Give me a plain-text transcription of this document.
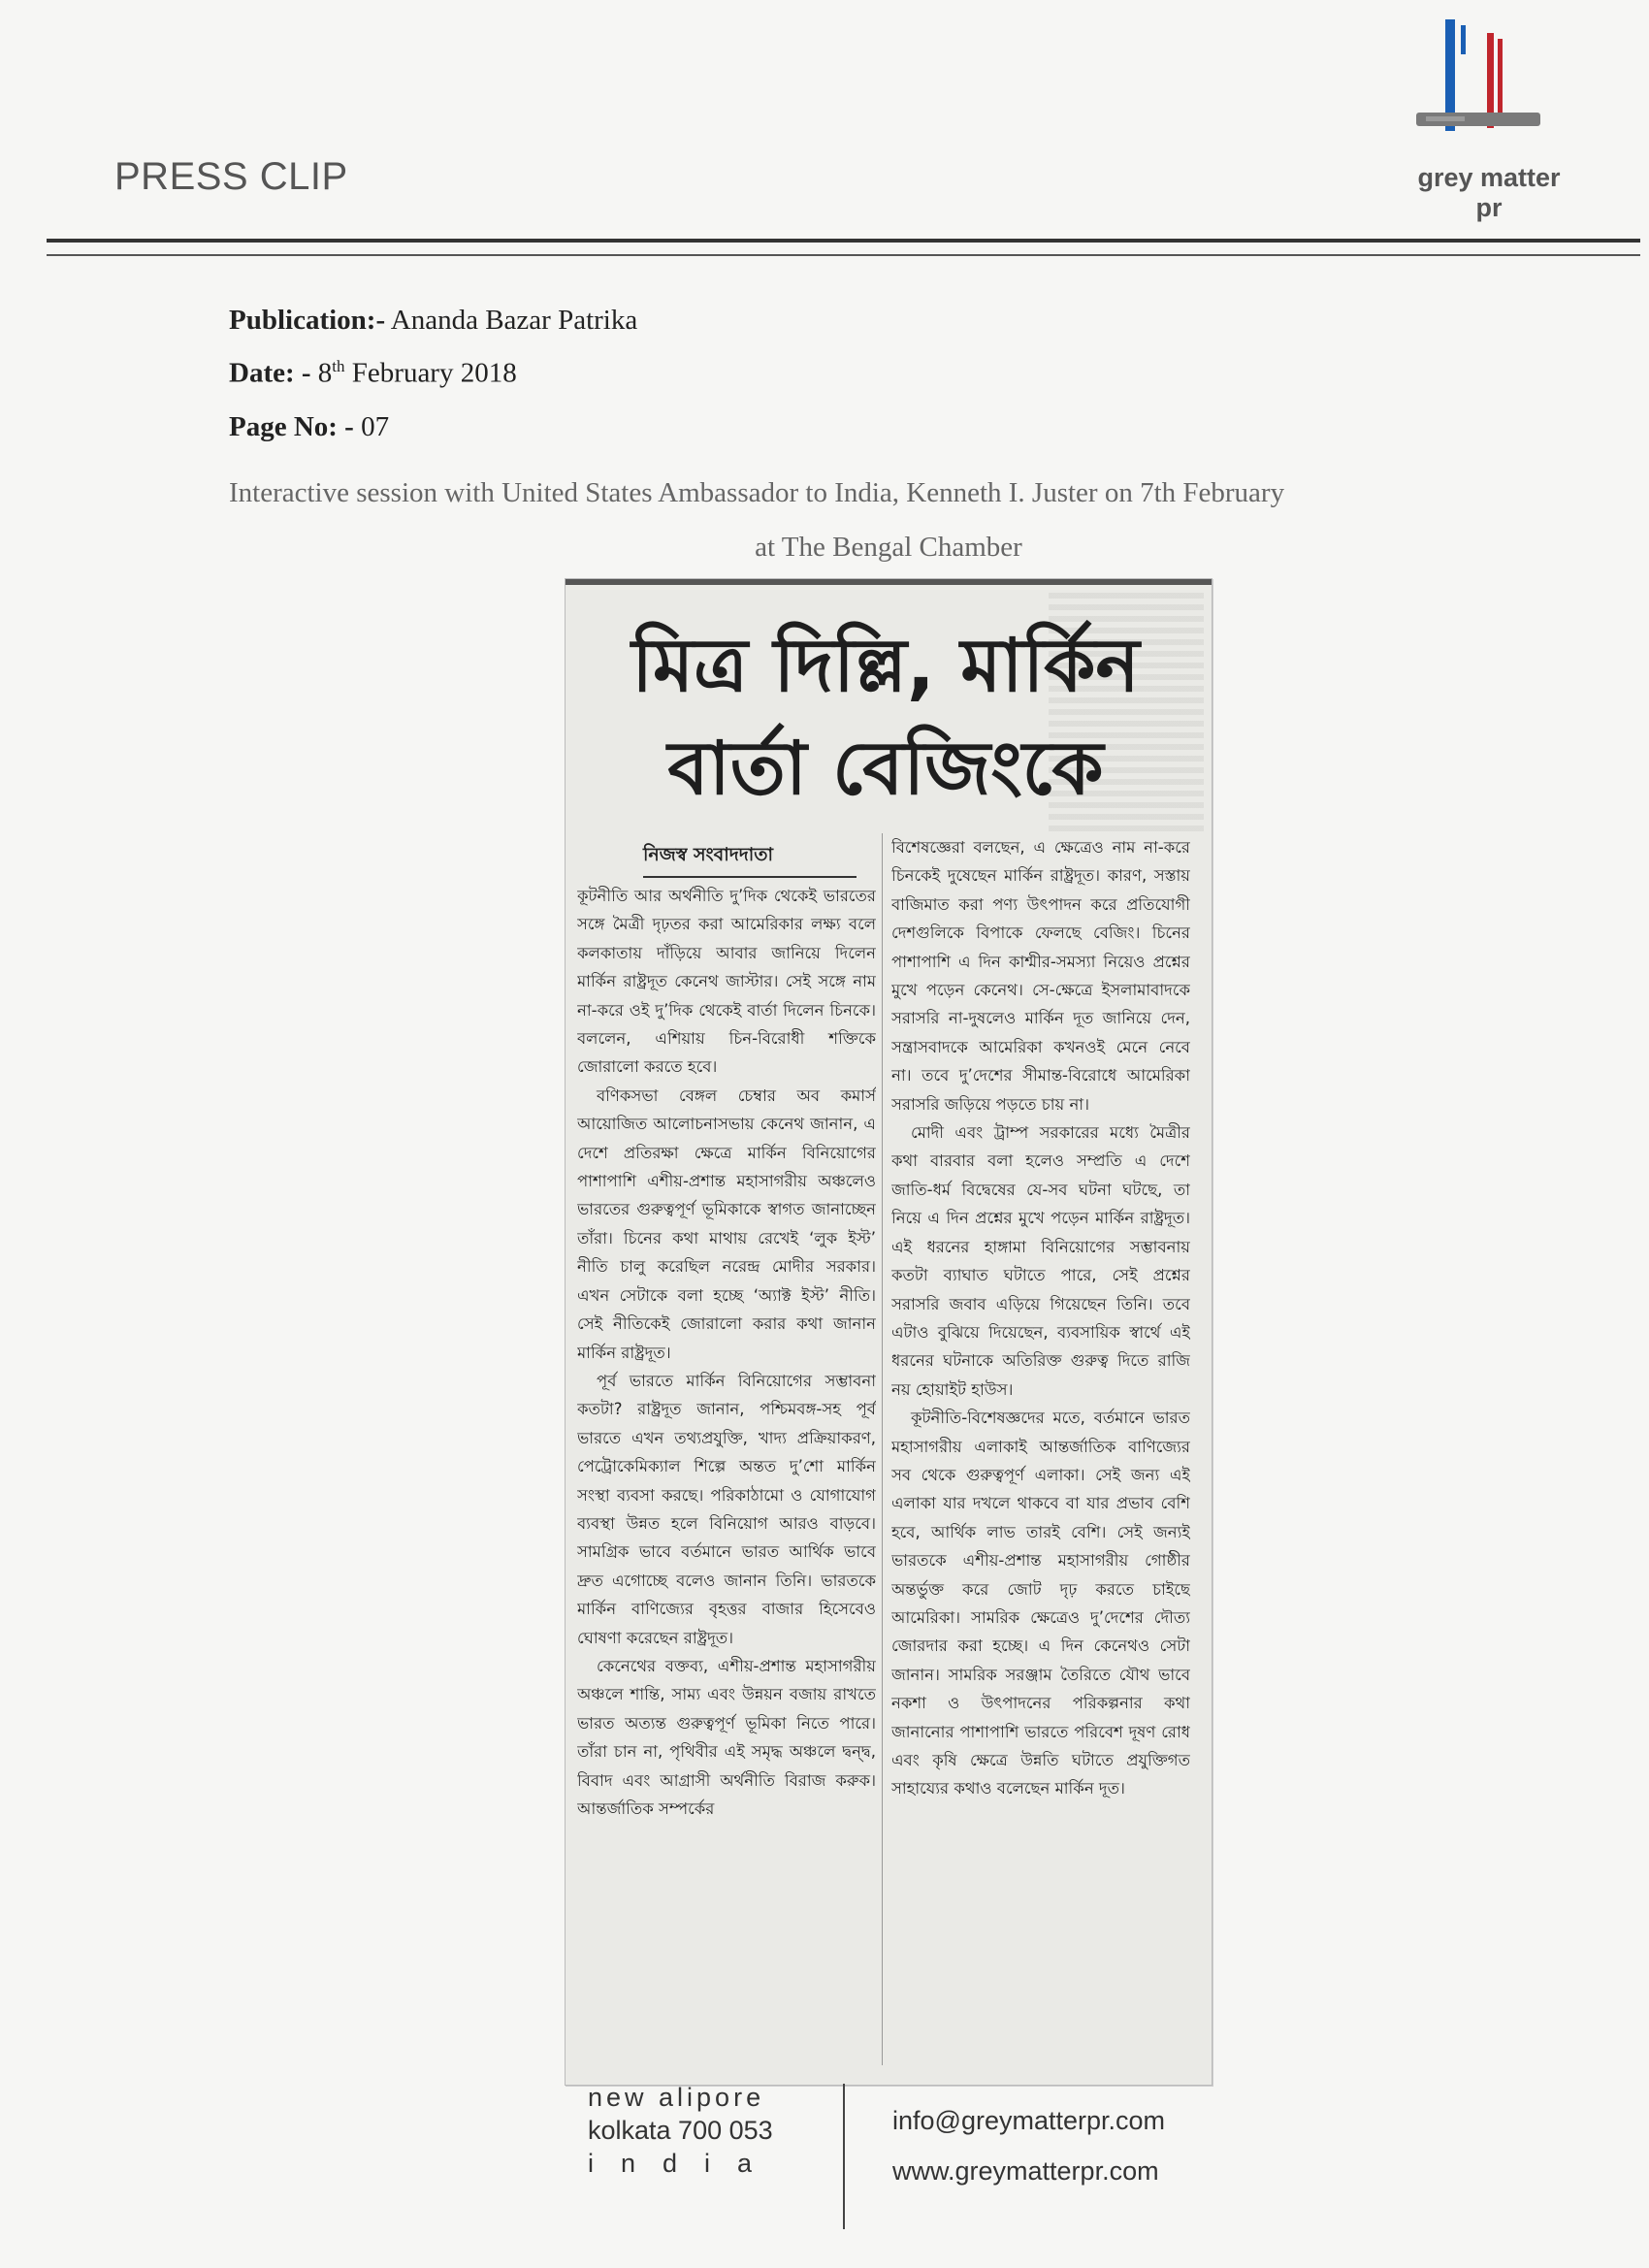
PRESS CLIP	grey matter pr
Publication:- Ananda Bazar Patrika
Date: - 8th February 2018
Page No: - 07
Interactive session with United States Ambassador to India, Kenneth I. Juster on 7th February
at The Bengal Chamber
মিত্র দিল্লি, মার্কিন
বার্তা বেজিংকে
নিজস্ব সংবাদদাতা

কূটনীতি আর অর্থনীতি দু’দিক থেকেই ভারতের সঙ্গে মৈত্রী দৃঢ়তর করা আমেরিকার লক্ষ্য বলে কলকাতায় দাঁড়িয়ে আবার জানিয়ে দিলেন মার্কিন রাষ্ট্রদূত কেনেথ জাস্টার। সেই সঙ্গে নাম না-করে ওই দু’দিক থেকেই বার্তা দিলেন চিনকে। বললেন, এশিয়ায় চিন-বিরোধী শক্তিকে জোরালো করতে হবে।

বণিকসভা বেঙ্গল চেম্বার অব কমার্স আয়োজিত আলোচনাসভায় কেনেথ জানান, এ দেশে প্রতিরক্ষা ক্ষেত্রে মার্কিন বিনিয়োগের পাশাপাশি এশীয়-প্রশান্ত মহাসাগরীয় অঞ্চলেও ভারতের গুরুত্বপূর্ণ ভূমিকাকে স্বাগত জানাচ্ছেন তাঁরা। চিনের কথা মাথায় রেখেই ‘লুক ইস্ট’ নীতি চালু করেছিল নরেন্দ্র মোদীর সরকার। এখন সেটাকে বলা হচ্ছে ‘অ্যাক্ট ইস্ট’ নীতি। সেই নীতিকেই জোরালো করার কথা জানান মার্কিন রাষ্ট্রদূত।

পূর্ব ভারতে মার্কিন বিনিয়োগের সম্ভাবনা কতটা? রাষ্ট্রদূত জানান, পশ্চিমবঙ্গ-সহ পূর্ব ভারতে এখন তথ্যপ্রযুক্তি, খাদ্য প্রক্রিয়াকরণ, পেট্রোকেমিক্যাল শিল্পে অন্তত দু’শো মার্কিন সংস্থা ব্যবসা করছে। পরিকাঠামো ও যোগাযোগ ব্যবস্থা উন্নত হলে বিনিয়োগ আরও বাড়বে। সামগ্রিক ভাবে বর্তমানে ভারত আর্থিক ভাবে দ্রুত এগোচ্ছে বলেও জানান তিনি। ভারতকে মার্কিন বাণিজ্যের বৃহত্তর বাজার হিসেবেও ঘোষণা করেছেন রাষ্ট্রদূত।

কেনেথের বক্তব্য, এশীয়-প্রশান্ত মহাসাগরীয় অঞ্চলে শান্তি, সাম্য এবং উন্নয়ন বজায় রাখতে ভারত অত্যন্ত গুরুত্বপূর্ণ ভূমিকা নিতে পারে। তাঁরা চান না, পৃথিবীর এই সমৃদ্ধ অঞ্চলে দ্বন্দ্ব, বিবাদ এবং আগ্রাসী অর্থনীতি বিরাজ করুক। আন্তর্জাতিক সম্পর্কের

বিশেষজ্ঞেরা বলছেন, এ ক্ষেত্রেও নাম না-করে চিনকেই দুষেছেন মার্কিন রাষ্ট্রদূত। কারণ, সস্তায় বাজিমাত করা পণ্য উৎপাদন করে প্রতিযোগী দেশগুলিকে বিপাকে ফেলছে বেজিং। চিনের পাশাপাশি এ দিন কাশ্মীর-সমস্যা নিয়েও প্রশ্নের মুখে পড়েন কেনেথ। সে-ক্ষেত্রে ইসলামাবাদকে সরাসরি না-দুষলেও মার্কিন দূত জানিয়ে দেন, সন্ত্রাসবাদকে আমেরিকা কখনওই মেনে নেবে না। তবে দু’দেশের সীমান্ত-বিরোধে আমেরিকা সরাসরি জড়িয়ে পড়তে চায় না।

মোদী এবং ট্রাম্প সরকারের মধ্যে মৈত্রীর কথা বারবার বলা হলেও সম্প্রতি এ দেশে জাতি-ধর্ম বিদ্বেষের যে-সব ঘটনা ঘটছে, তা নিয়ে এ দিন প্রশ্নের মুখে পড়েন মার্কিন রাষ্ট্রদূত। এই ধরনের হাঙ্গামা বিনিয়োগের সম্ভাবনায় কতটা ব্যাঘাত ঘটাতে পারে, সেই প্রশ্নের সরাসরি জবাব এড়িয়ে গিয়েছেন তিনি। তবে এটাও বুঝিয়ে দিয়েছেন, ব্যবসায়িক স্বার্থে এই ধরনের ঘটনাকে অতিরিক্ত গুরুত্ব দিতে রাজি নয় হোয়াইট হাউস।

কূটনীতি-বিশেষজ্ঞদের মতে, বর্তমানে ভারত মহাসাগরীয় এলাকাই আন্তর্জাতিক বাণিজ্যের সব থেকে গুরুত্বপূর্ণ এলাকা। সেই জন্য এই এলাকা যার দখলে থাকবে বা যার প্রভাব বেশি হবে, আর্থিক লাভ তারই বেশি। সেই জন্যই ভারতকে এশীয়-প্রশান্ত মহাসাগরীয় গোষ্ঠীর অন্তর্ভুক্ত করে জোট দৃঢ় করতে চাইছে আমেরিকা। সামরিক ক্ষেত্রেও দু’দেশের দৌত্য জোরদার করা হচ্ছে। এ দিন কেনেথও সেটা জানান। সামরিক সরঞ্জাম তৈরিতে যৌথ ভাবে নকশা ও উৎপাদনের পরিকল্পনার কথা জানানোর পাশাপাশি ভারতে পরিবেশ দূষণ রোধ এবং কৃষি ক্ষেত্রে উন্নতি ঘটাতে প্রযুক্তিগত সাহায্যের কথাও বলেছেন মার্কিন দূত।

new alipore
kolkata 700 053
india
info@greymatterpr.com
www.greymatterpr.com
